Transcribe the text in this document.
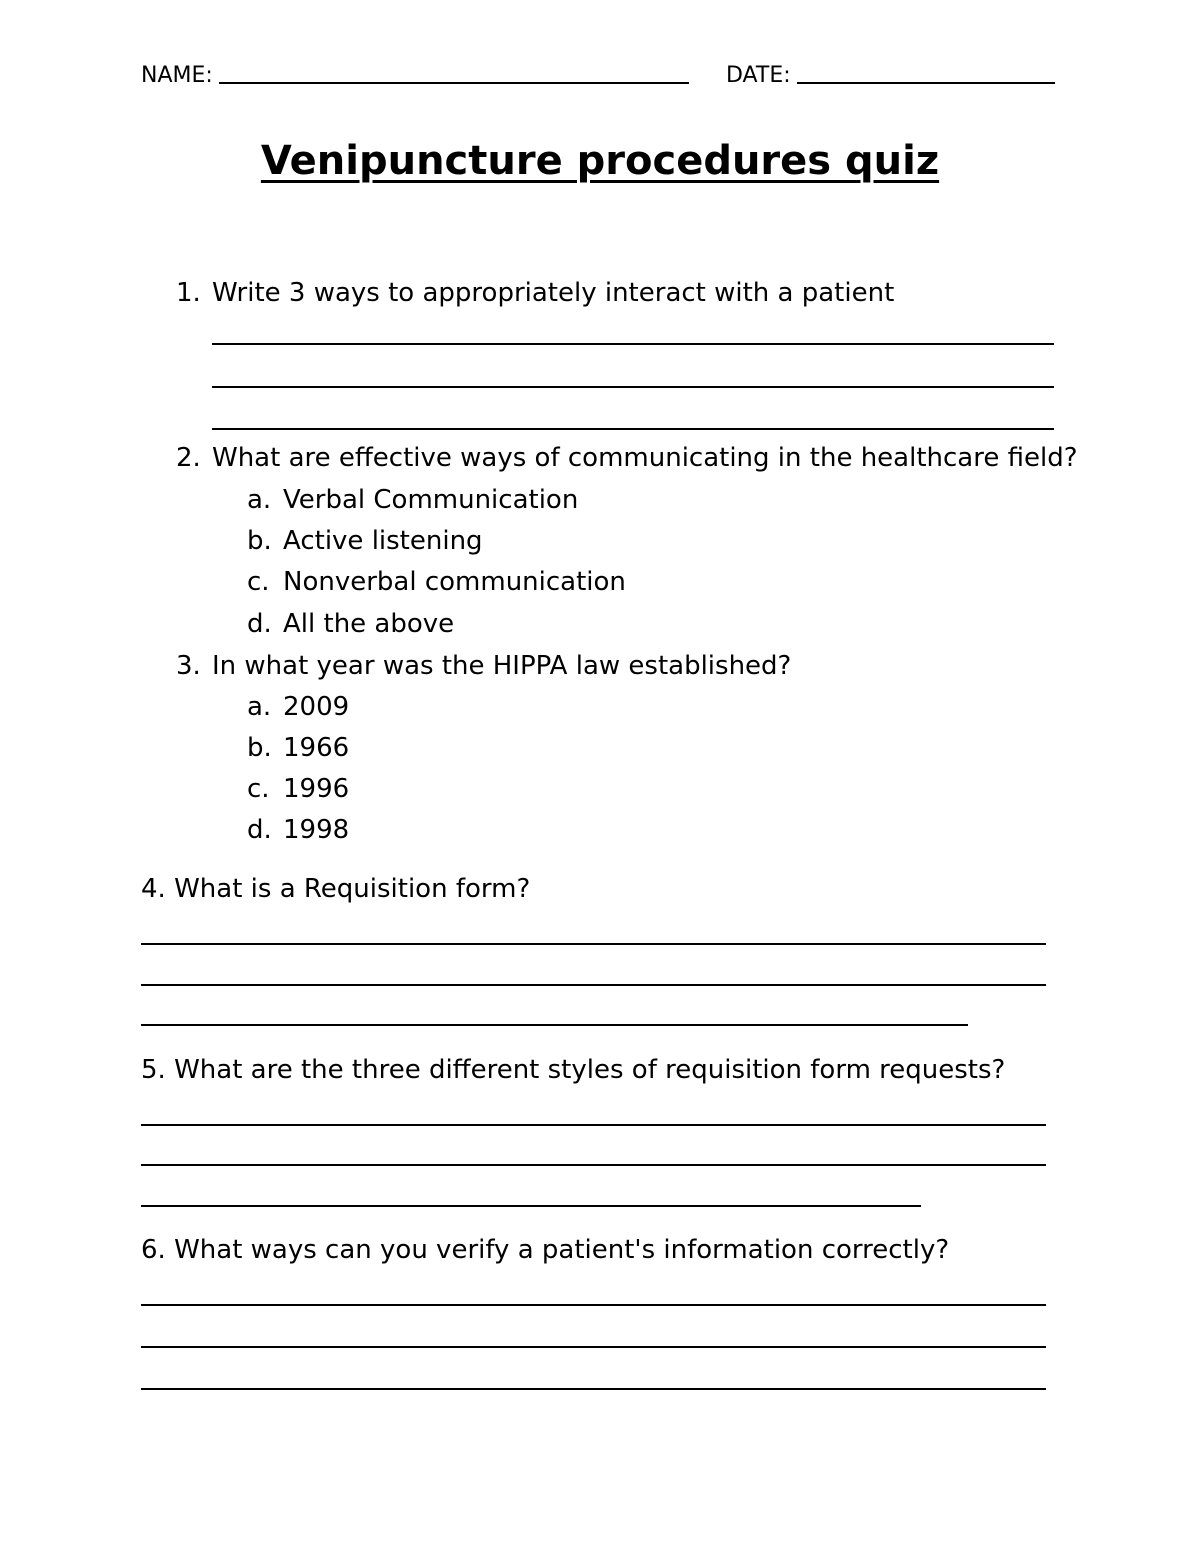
NAME:	DATE:
Venipuncture procedures quiz
1. Write 3 ways to appropriately interact with a patient
2. What are effective ways of communicating in the healthcare field?
a. Verbal Communication
b. Active listening
c. Nonverbal communication
d. All the above
3. In what year was the HIPPA law established?
a. 2009
b. 1966
c. 1996
d. 1998
4. What is a Requisition form?
5. What are the three different styles of requisition form requests?
6. What ways can you verify a patient's information correctly?
